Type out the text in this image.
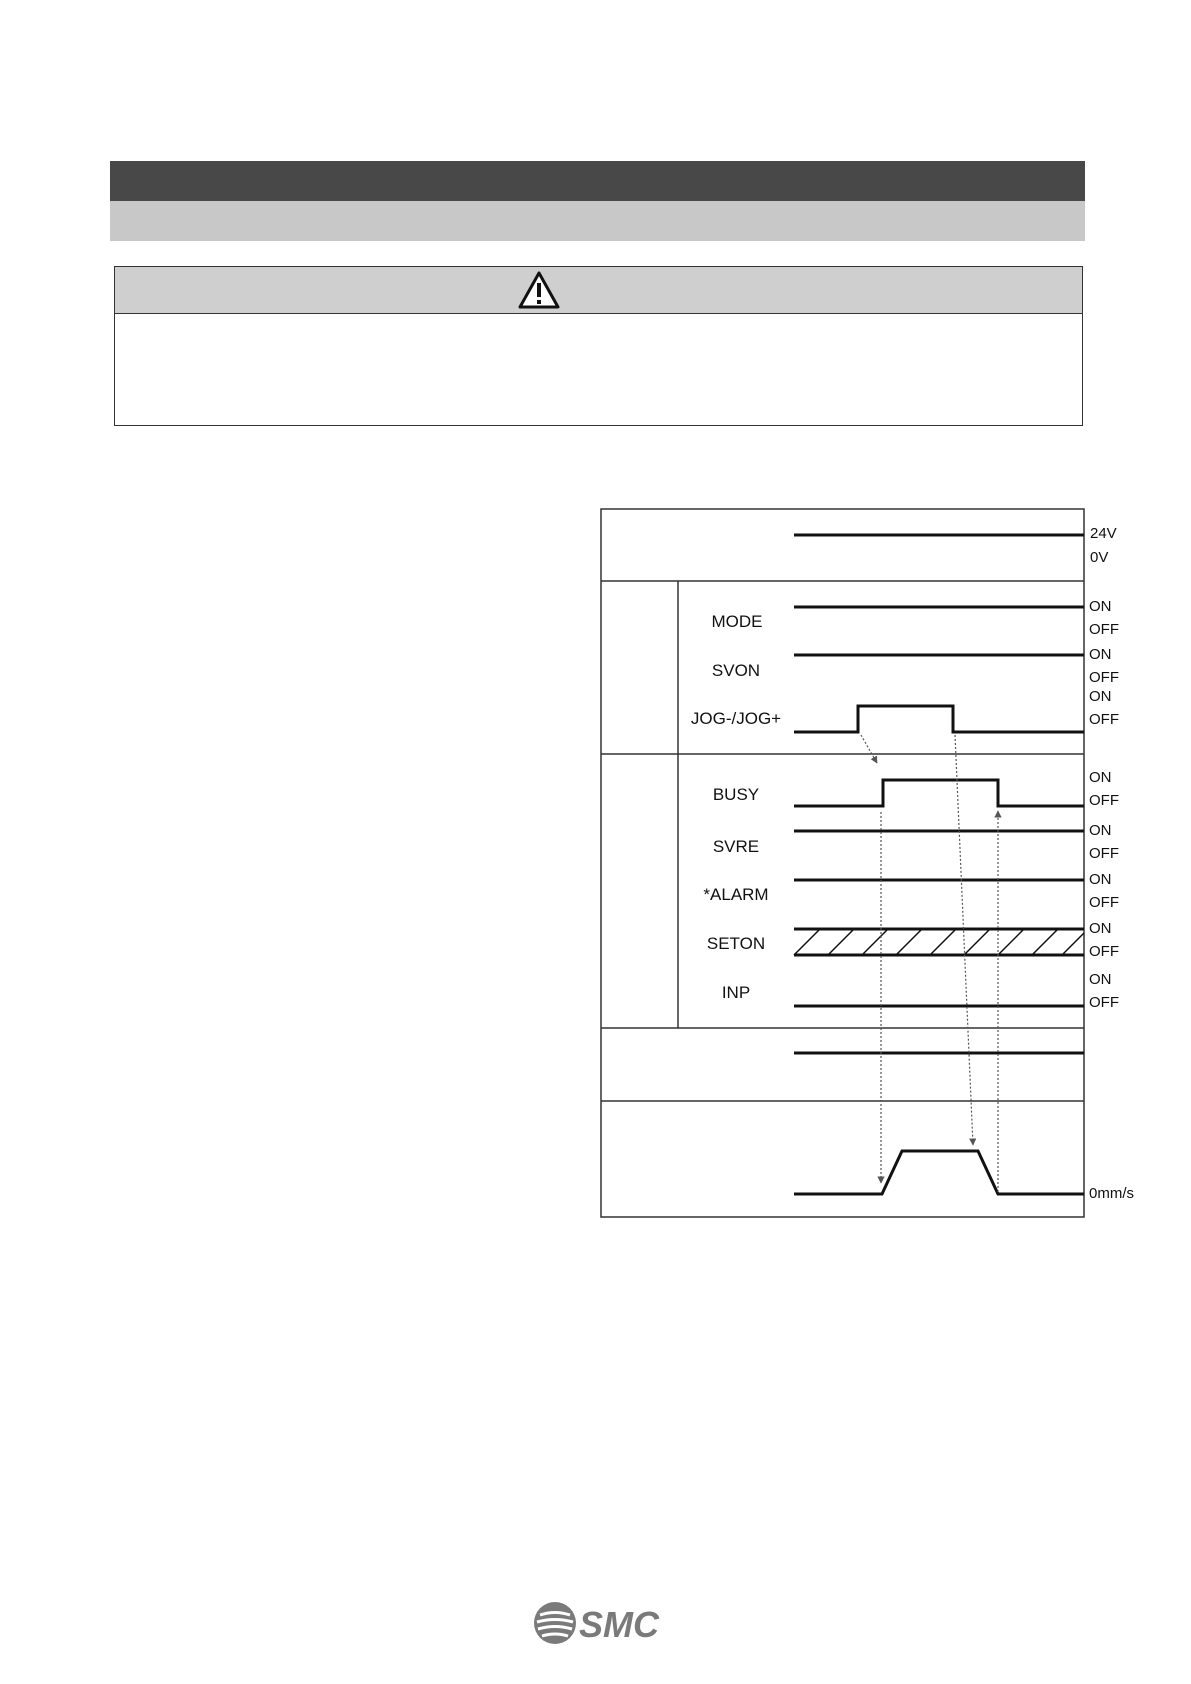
24V
0V
MODE
ON
OFF
SVON
ON
OFF
JOG-/JOG+
ON
OFF
BUSY
ON
OFF
SVRE
ON
OFF
*ALARM
ON
OFF
SETON
ON
OFF
INP
ON
OFF
0mm/s
SMC
